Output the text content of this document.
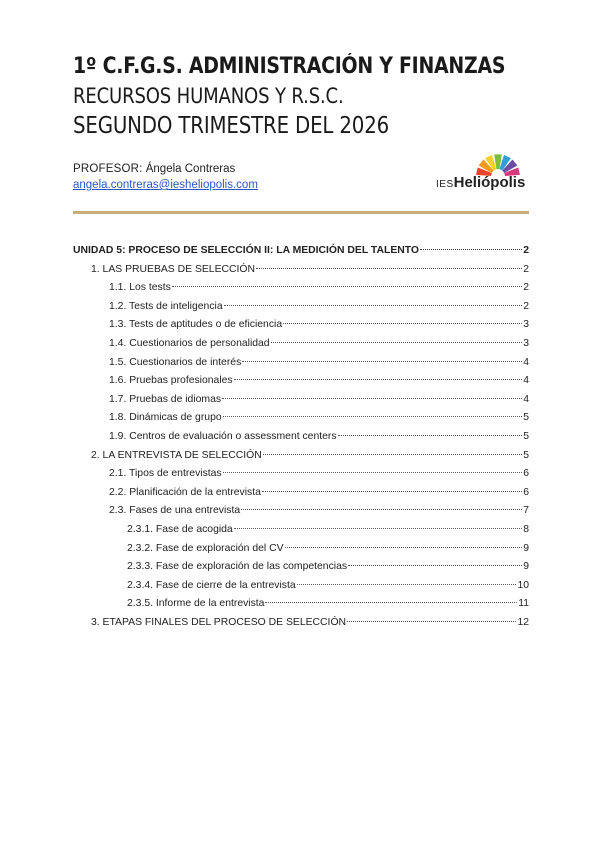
1º C.F.G.S. ADMINISTRACIÓN Y FINANZAS
RECURSOS HUMANOS Y R.S.C.
SEGUNDO TRIMESTRE DEL 2026
PROFESOR: Ángela Contreras
angela.contreras@iesheliopolis.com	IESHeliópolis
UNIDAD 5: PROCESO DE SELECCIÓN II: LA MEDICIÓN DEL TALENTO	2
1. LAS PRUEBAS DE SELECCIÓN	2
1.1. Los tests	2
1.2. Tests de inteligencia	2
1.3. Tests de aptitudes o de eficiencia	3
1.4. Cuestionarios de personalidad	3
1.5. Cuestionarios de interés	4
1.6. Pruebas profesionales	4
1.7. Pruebas de idiomas	4
1.8. Dinámicas de grupo	5
1.9. Centros de evaluación o assessment centers	5
2. LA ENTREVISTA DE SELECCIÓN	5
2.1. Tipos de entrevistas	6
2.2. Planificación de la entrevista	6
2.3. Fases de una entrevista	7
2.3.1. Fase de acogida	8
2.3.2. Fase de exploración del CV	9
2.3.3. Fase de exploración de las competencias	9
2.3.4. Fase de cierre de la entrevista	10
2.3.5. Informe de la entrevista	11
3. ETAPAS FINALES DEL PROCESO DE SELECCIÓN	12
